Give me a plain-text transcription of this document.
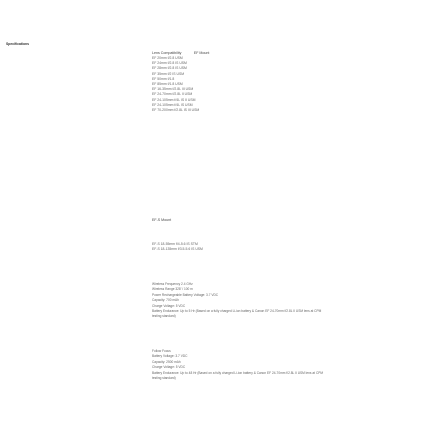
Specifications
Lens Compatibility	EF Mount
EF 20mm f/2.8 USM
EF 24mm f/2.8 IS USM
EF 28mm f/2.8 IS USM
EF 35mm f/2 IS USM
EF 50mm f/1.8
EF 85mm f/1.8 USM
EF 16-35mm f/2.8L III USM
EF 24-70mm f/2.8L II USM
EF 24-105mm f/4L IS II USM
EF 24-105mm f/4L IS USM
EF 70-200mm f/2.8L IS III USM
EF-S Mount
EF-S 18-55mm f/4-5.6 IS STM
EF-S 18-135mm f/3.5-5.6 IS USM
Wireless Frequency 2.4 GHz
Wireless Range 328' / 100 m
Power Rechargeable Battery Voltage: 3.7 VDC
Capacity: 700 mAh
Charge Voltage: 5 VDC
Battery Endurance: Up to 5 Hr (Based on a fully charged Li-ion battery & Canon EF 24-70mm f/2.8L II USM lens at CPM
testing standard)
Follow Focus
Battery Voltage: 3.7 VDC
Capacity: 2500 mAh
Charge Voltage: 5 VDC
Battery Endurance: Up to 48 Hr (Based on a fully charged Li-ion battery & Canon EF 24-70mm f/2.8L II USM lens at CPM
testing standard)
